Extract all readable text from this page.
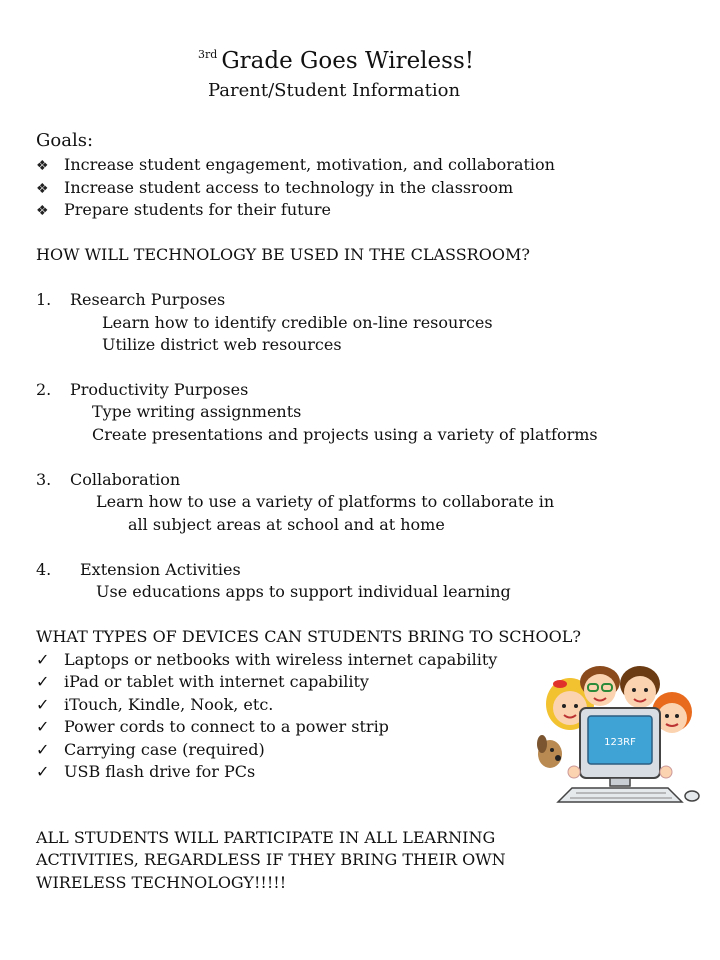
$^{3rd}$ Grade Goes Wireless!
Parent/Student Information
Goals:
❖ Increase student engagement, motivation, and collaboration
❖ Increase student access to technology in the classroom
❖ Prepare students for their future
HOW WILL TECHNOLOGY BE USED IN THE CLASSROOM?
1. Research Purposes
Learn how to identify credible on-line resources
Utilize district web resources
2. Productivity Purposes
Type writing assignments
Create presentations and projects using a variety of platforms
3. Collaboration
Learn how to use a variety of platforms to collaborate in
all subject areas at school and at home
4. Extension Activities
Use educations apps to support individual learning
WHAT TYPES OF DEVICES CAN STUDENTS BRING TO SCHOOL?
✓ Laptops or netbooks with wireless internet capability
✓ iPad or tablet with internet capability
✓ iTouch, Kindle, Nook, etc.
✓ Power cords to connect to a power strip
✓ Carrying case (required)
✓ USB flash drive for PCs
ALL STUDENTS WILL PARTICIPATE IN ALL LEARNING
ACTIVITIES, REGARDLESS IF THEY BRING THEIR OWN
WIRELESS TECHNOLOGY!!!!!
123RF
